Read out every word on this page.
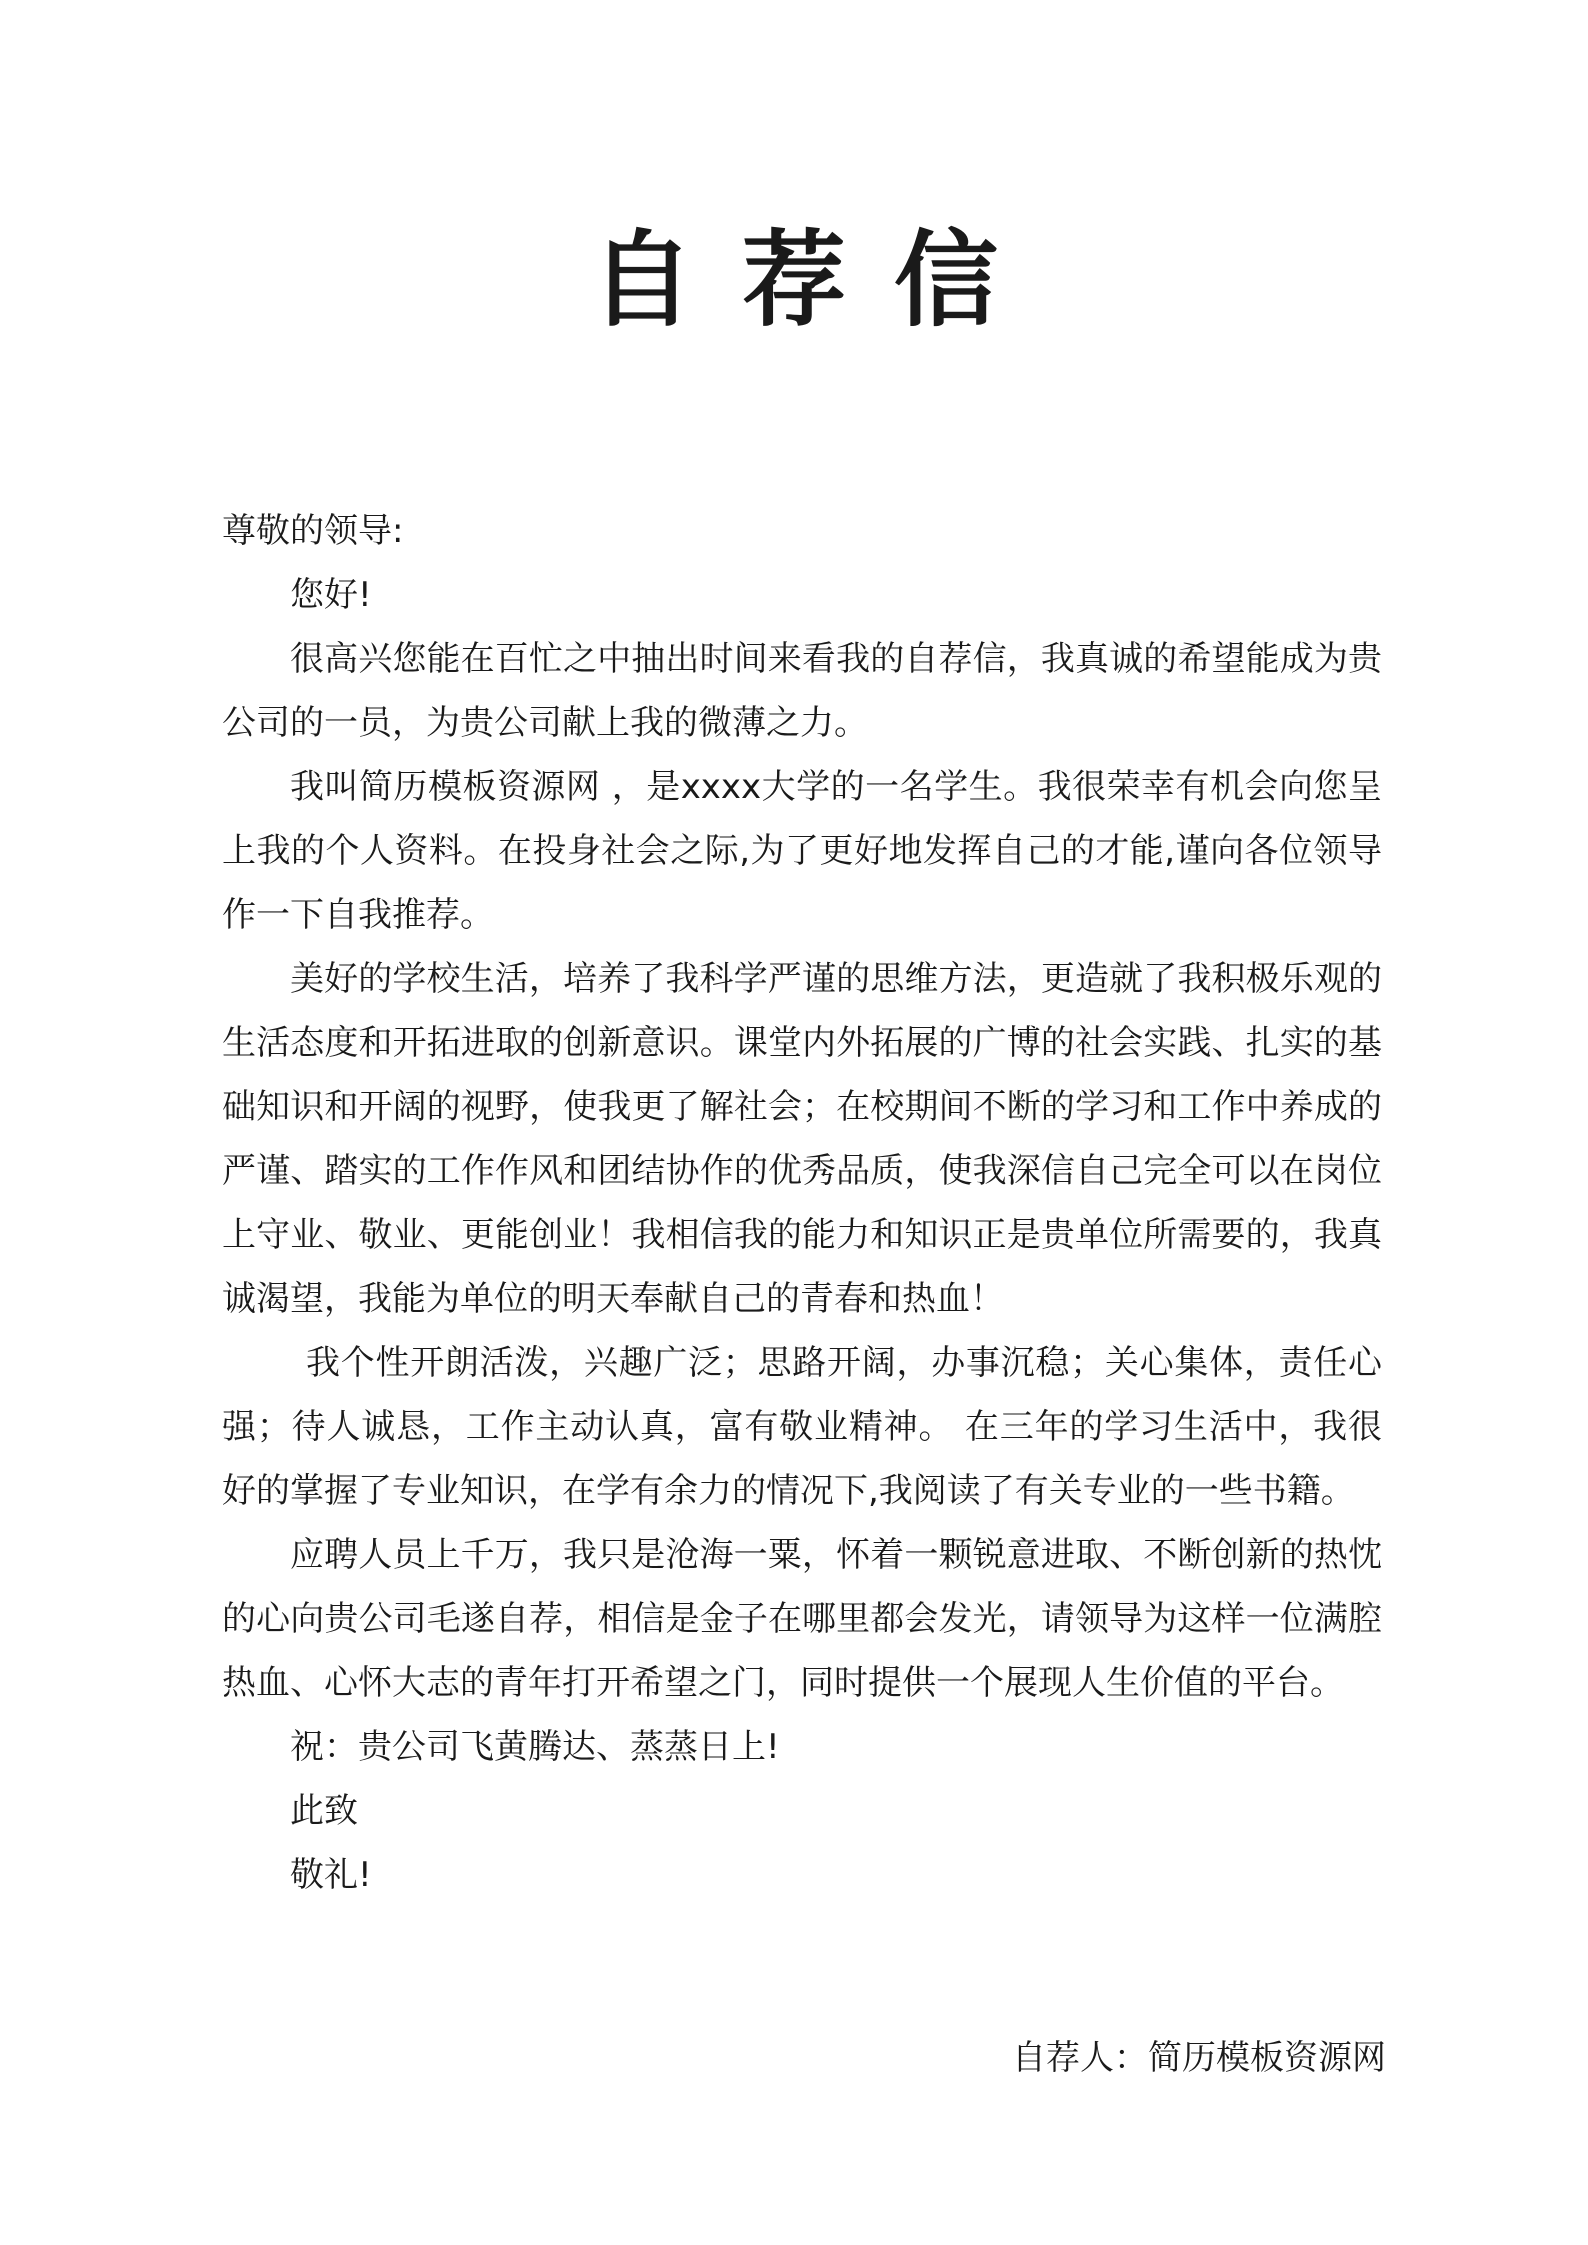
自荐信

尊敬的领导:

您好!

很高兴您能在百忙之中抽出时间来看我的自荐信，我真诚的希望能成为贵公司的一员，为贵公司献上我的微薄之力。

我叫简历模板资源网 ，是xxxx大学的一名学生。我很荣幸有机会向您呈上我的个人资料。在投身社会之际,为了更好地发挥自己的才能,谨向各位领导作一下自我推荐。

美好的学校生活，培养了我科学严谨的思维方法，更造就了我积极乐观的生活态度和开拓进取的创新意识。课堂内外拓展的广博的社会实践、扎实的基础知识和开阔的视野，使我更了解社会；在校期间不断的学习和工作中养成的严谨、踏实的工作作风和团结协作的优秀品质，使我深信自己完全可以在岗位上守业、敬业、更能创业！我相信我的能力和知识正是贵单位所需要的，我真诚渴望，我能为单位的明天奉献自己的青春和热血！

我个性开朗活泼，兴趣广泛；思路开阔，办事沉稳；关心集体，责任心强；待人诚恳，工作主动认真，富有敬业精神。 在三年的学习生活中，我很好的掌握了专业知识，在学有余力的情况下,我阅读了有关专业的一些书籍。

应聘人员上千万，我只是沧海一粟，怀着一颗锐意进取、不断创新的热忱的心向贵公司毛遂自荐，相信是金子在哪里都会发光，请领导为这样一位满腔热血、心怀大志的青年打开希望之门，同时提供一个展现人生价值的平台。

祝：贵公司飞黄腾达、蒸蒸日上!

此致

敬礼!

自荐人：简历模板资源网
